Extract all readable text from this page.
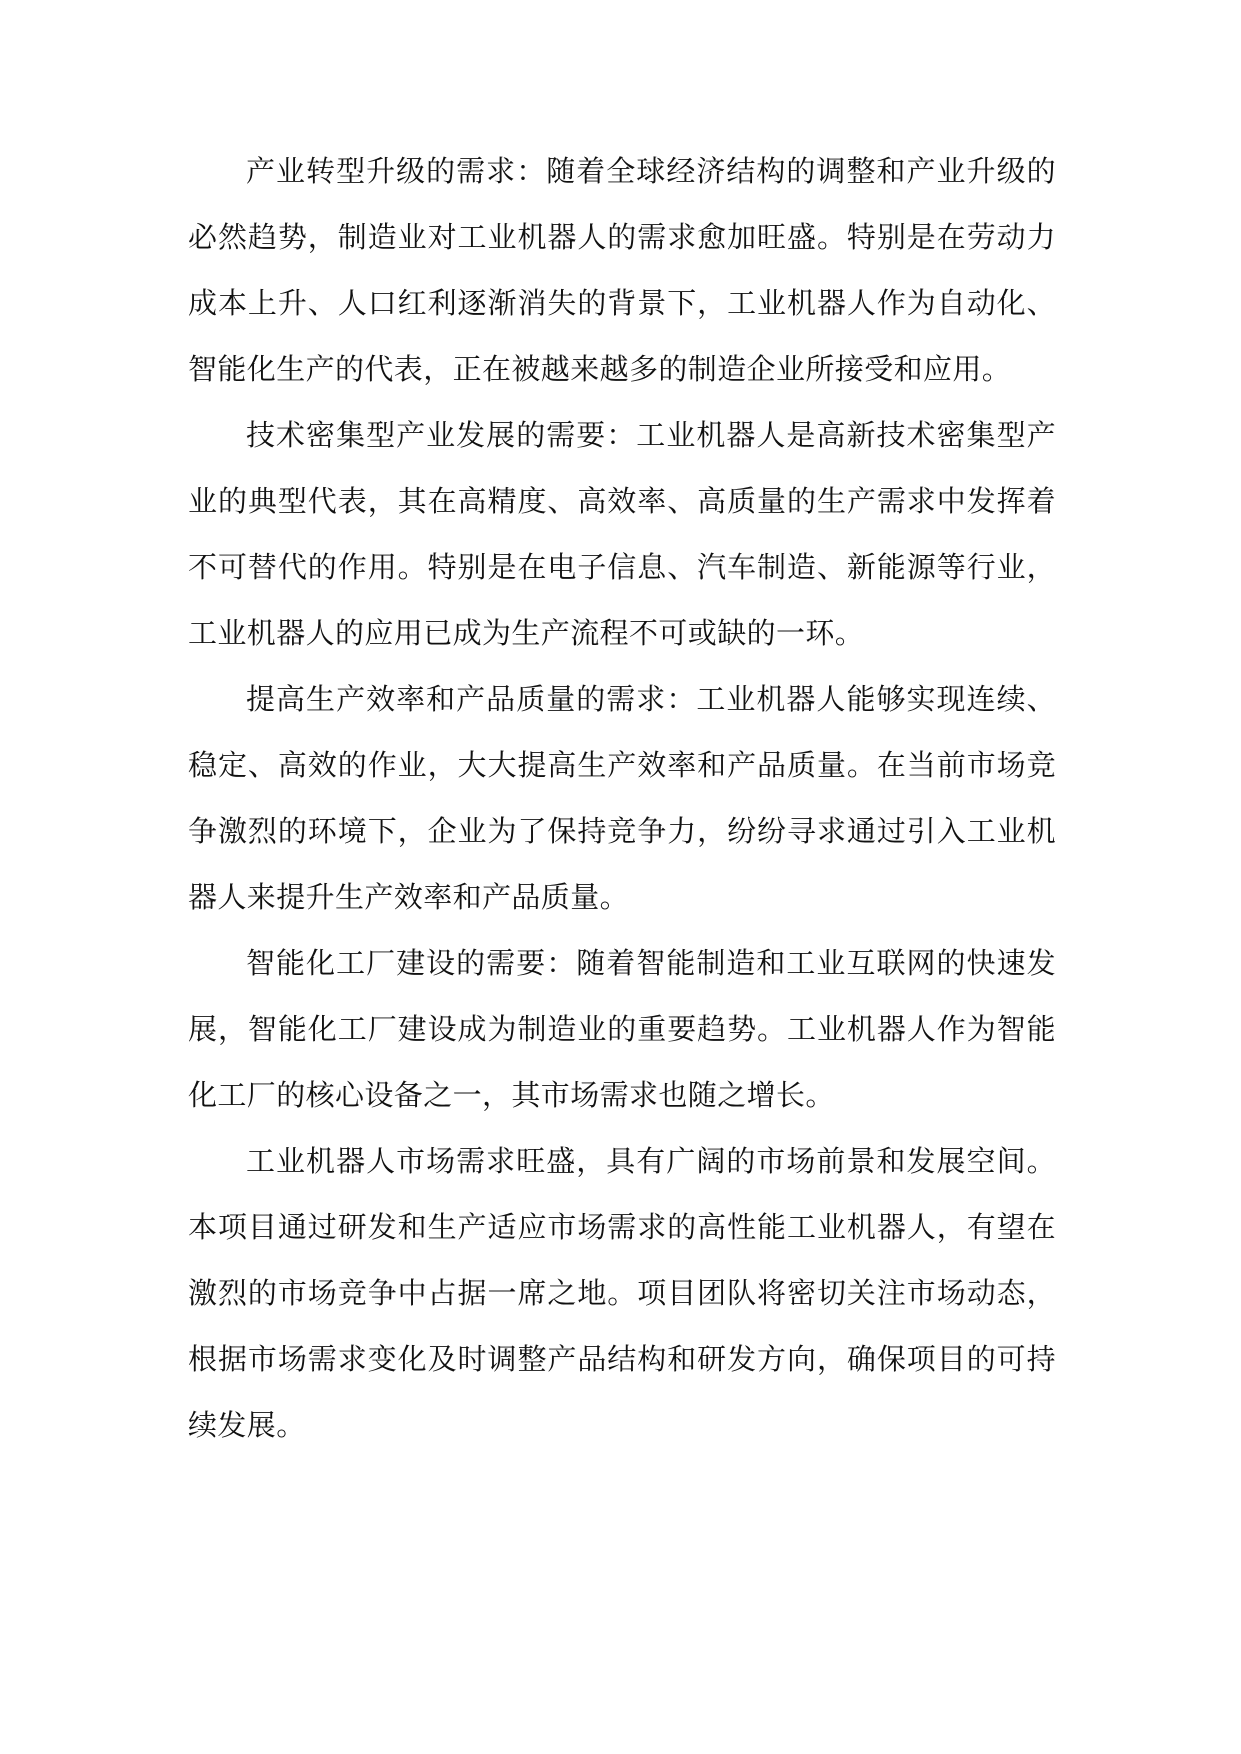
产业转型升级的需求：随着全球经济结构的调整和产业升级的必然趋势，制造业对工业机器人的需求愈加旺盛。特别是在劳动力成本上升、人口红利逐渐消失的背景下，工业机器人作为自动化、智能化生产的代表，正在被越来越多的制造企业所接受和应用。

技术密集型产业发展的需要：工业机器人是高新技术密集型产业的典型代表，其在高精度、高效率、高质量的生产需求中发挥着不可替代的作用。特别是在电子信息、汽车制造、新能源等行业，工业机器人的应用已成为生产流程不可或缺的一环。

提高生产效率和产品质量的需求：工业机器人能够实现连续、稳定、高效的作业，大大提高生产效率和产品质量。在当前市场竞争激烈的环境下，企业为了保持竞争力，纷纷寻求通过引入工业机器人来提升生产效率和产品质量。

智能化工厂建设的需要：随着智能制造和工业互联网的快速发展，智能化工厂建设成为制造业的重要趋势。工业机器人作为智能化工厂的核心设备之一，其市场需求也随之增长。

工业机器人市场需求旺盛，具有广阔的市场前景和发展空间。本项目通过研发和生产适应市场需求的高性能工业机器人，有望在激烈的市场竞争中占据一席之地。项目团队将密切关注市场动态，根据市场需求变化及时调整产品结构和研发方向，确保项目的可持续发展。
